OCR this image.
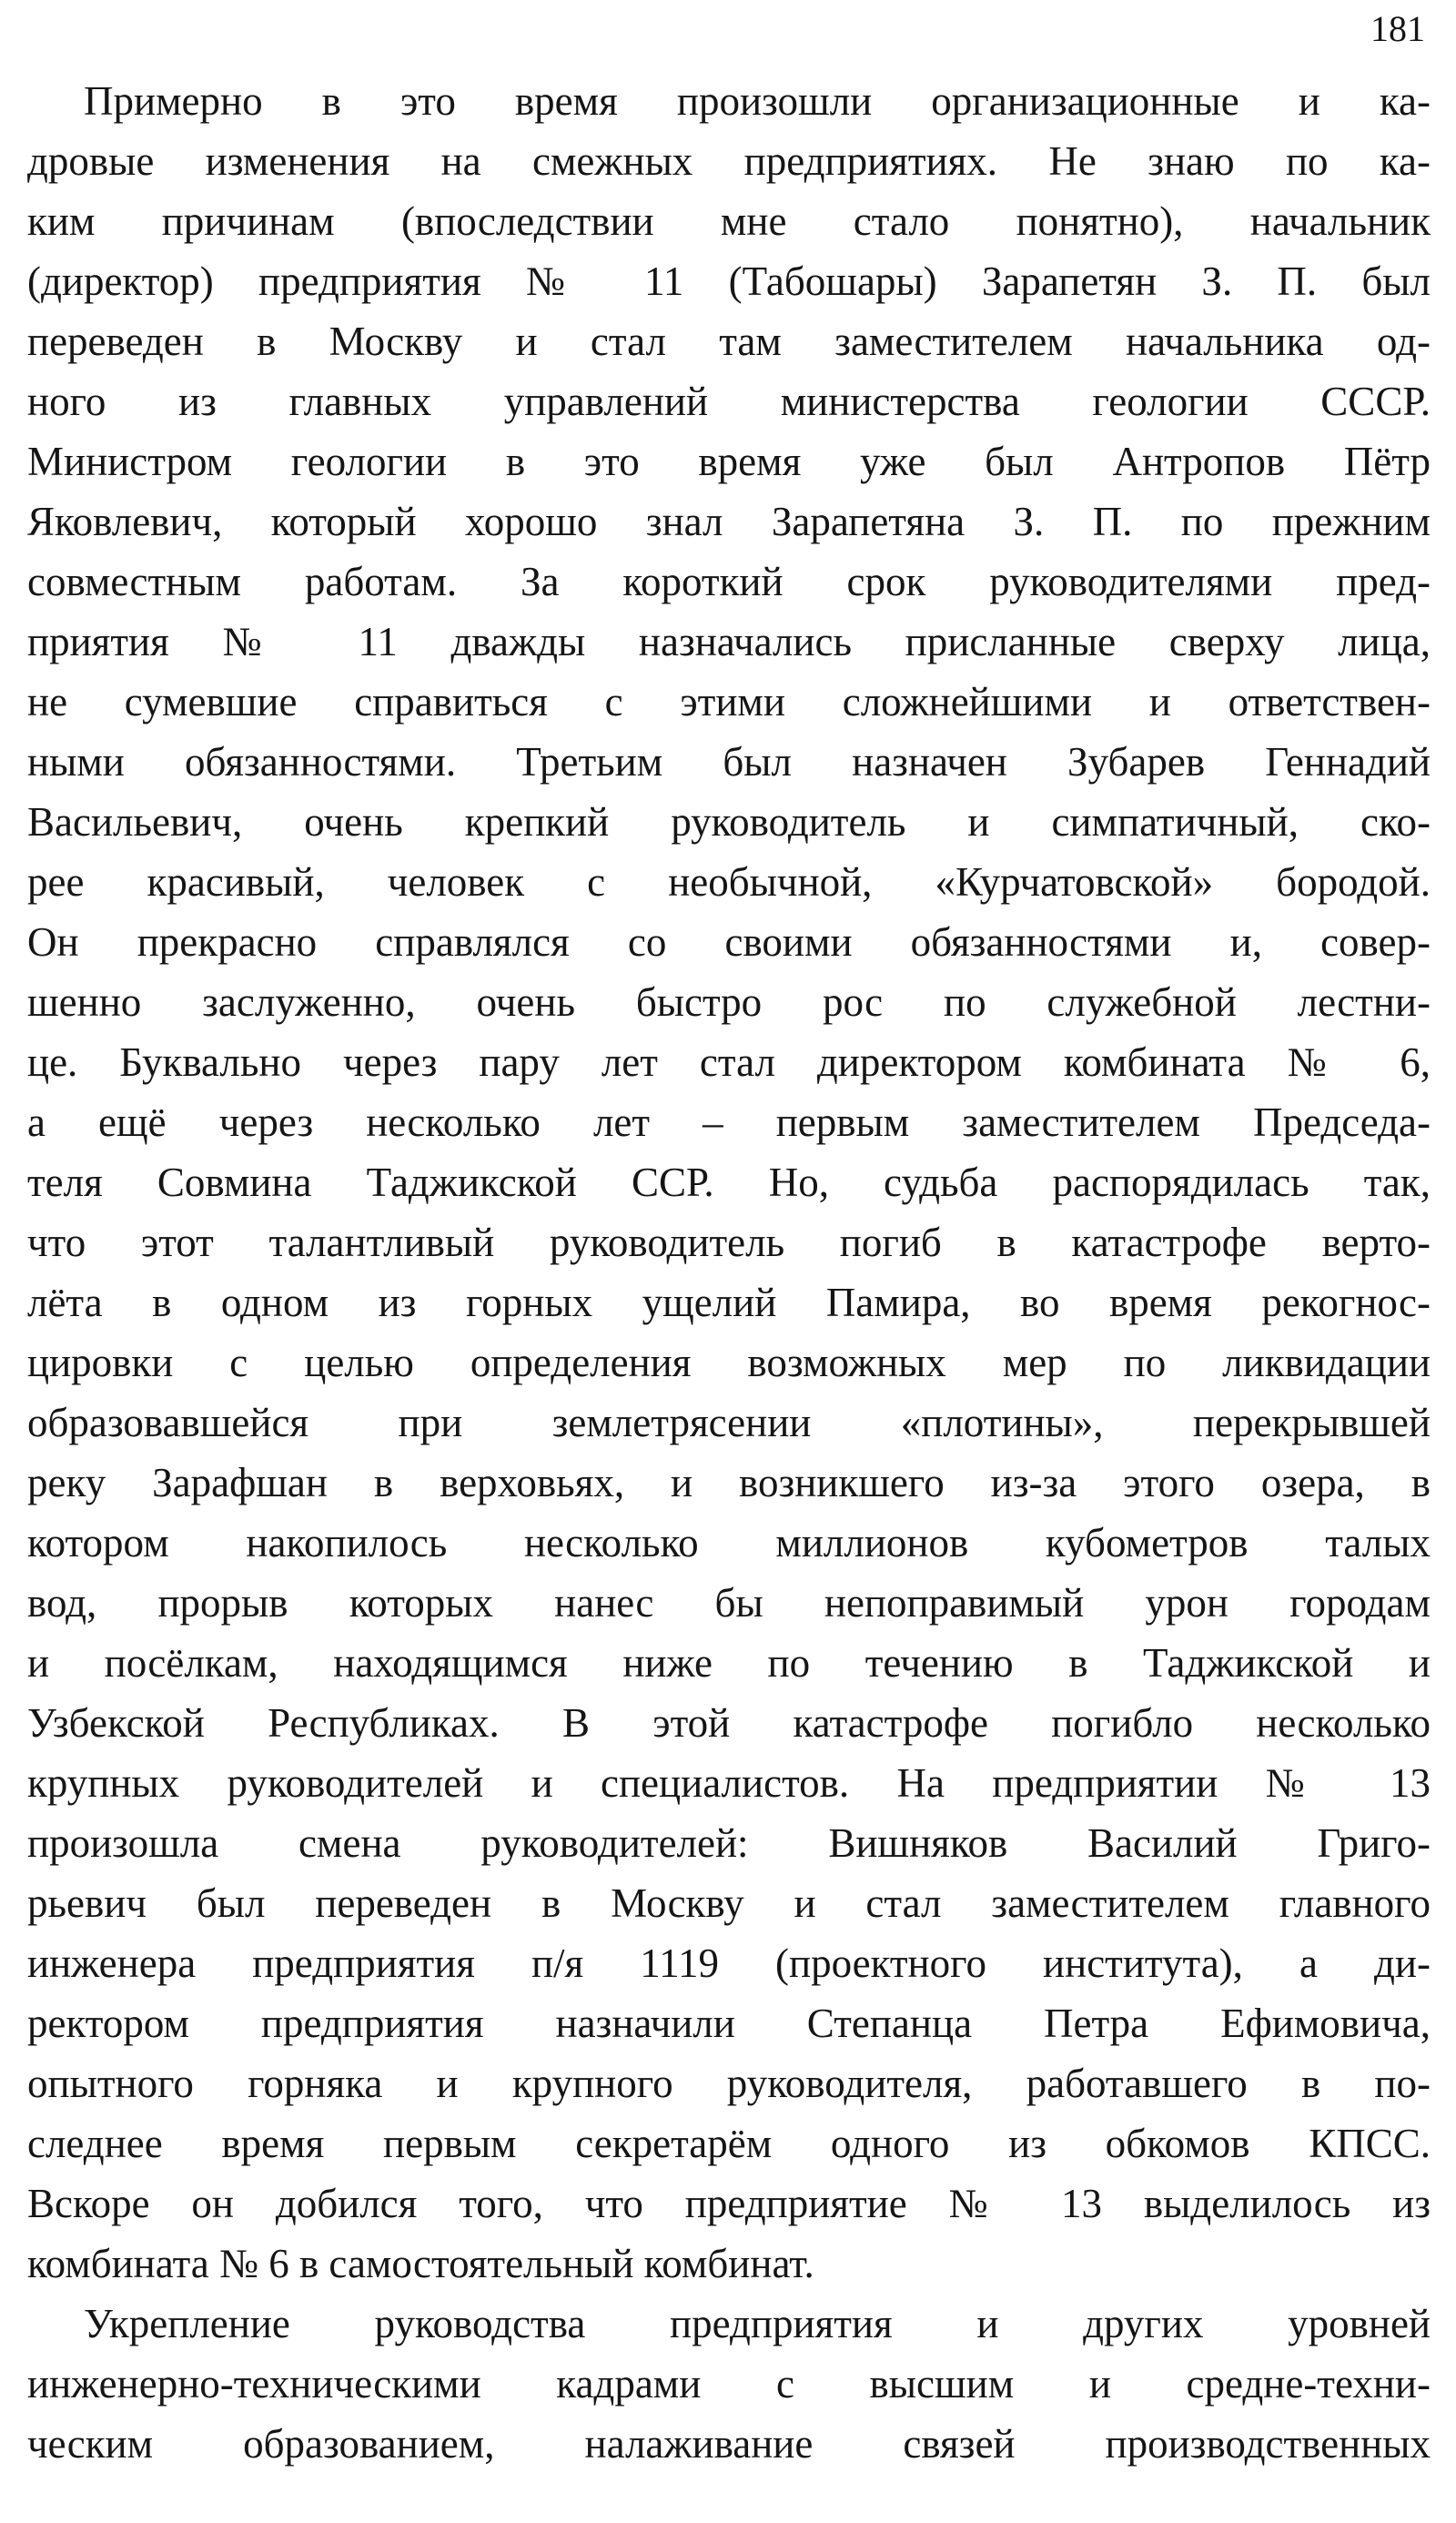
181
Примерно в это время произошли организационные и ка-
дровые изменения на смежных предприятиях. Не знаю по ка-
ким причинам (впоследствии мне стало понятно), начальник
(директор) предприятия № 11 (Табошары) Зарапетян З. П. был
переведен в Москву и стал там заместителем начальника од-
ного из главных управлений министерства геологии СССР.
Министром геологии в это время уже был Антропов Пётр
Яковлевич, который хорошо знал Зарапетяна З. П. по прежним
совместным работам. За короткий срок руководителями пред-
приятия № 11 дважды назначались присланные сверху лица,
не сумевшие справиться с этими сложнейшими и ответствен-
ными обязанностями. Третьим был назначен Зубарев Геннадий
Васильевич, очень крепкий руководитель и симпатичный, ско-
рее красивый, человек с необычной, «Курчатовской» бородой.
Он прекрасно справлялся со своими обязанностями и, совер-
шенно заслуженно, очень быстро рос по служебной лестни-
це. Буквально через пару лет стал директором комбината № 6,
а ещё через несколько лет – первым заместителем Председа-
теля Совмина Таджикской ССР. Но, судьба распорядилась так,
что этот талантливый руководитель погиб в катастрофе верто-
лёта в одном из горных ущелий Памира, во время рекогнос-
цировки с целью определения возможных мер по ликвидации
образовавшейся при землетрясении «плотины», перекрывшей
реку Зарафшан в верховьях, и возникшего из-за этого озера, в
котором накопилось несколько миллионов кубометров талых
вод, прорыв которых нанес бы непоправимый урон городам
и посёлкам, находящимся ниже по течению в Таджикской и
Узбекской Республиках. В этой катастрофе погибло несколько
крупных руководителей и специалистов. На предприятии № 13
произошла смена руководителей: Вишняков Василий Григо-
рьевич был переведен в Москву и стал заместителем главного
инженера предприятия п/я 1119 (проектного института), а ди-
ректором предприятия назначили Степанца Петра Ефимовича,
опытного горняка и крупного руководителя, работавшего в по-
следнее время первым секретарём одного из обкомов КПСС.
Вскоре он добился того, что предприятие № 13 выделилось из
комбината № 6 в самостоятельный комбинат.
Укрепление руководства предприятия и других уровней
инженерно-техническими кадрами с высшим и средне-техни-
ческим образованием, налаживание связей производственных
